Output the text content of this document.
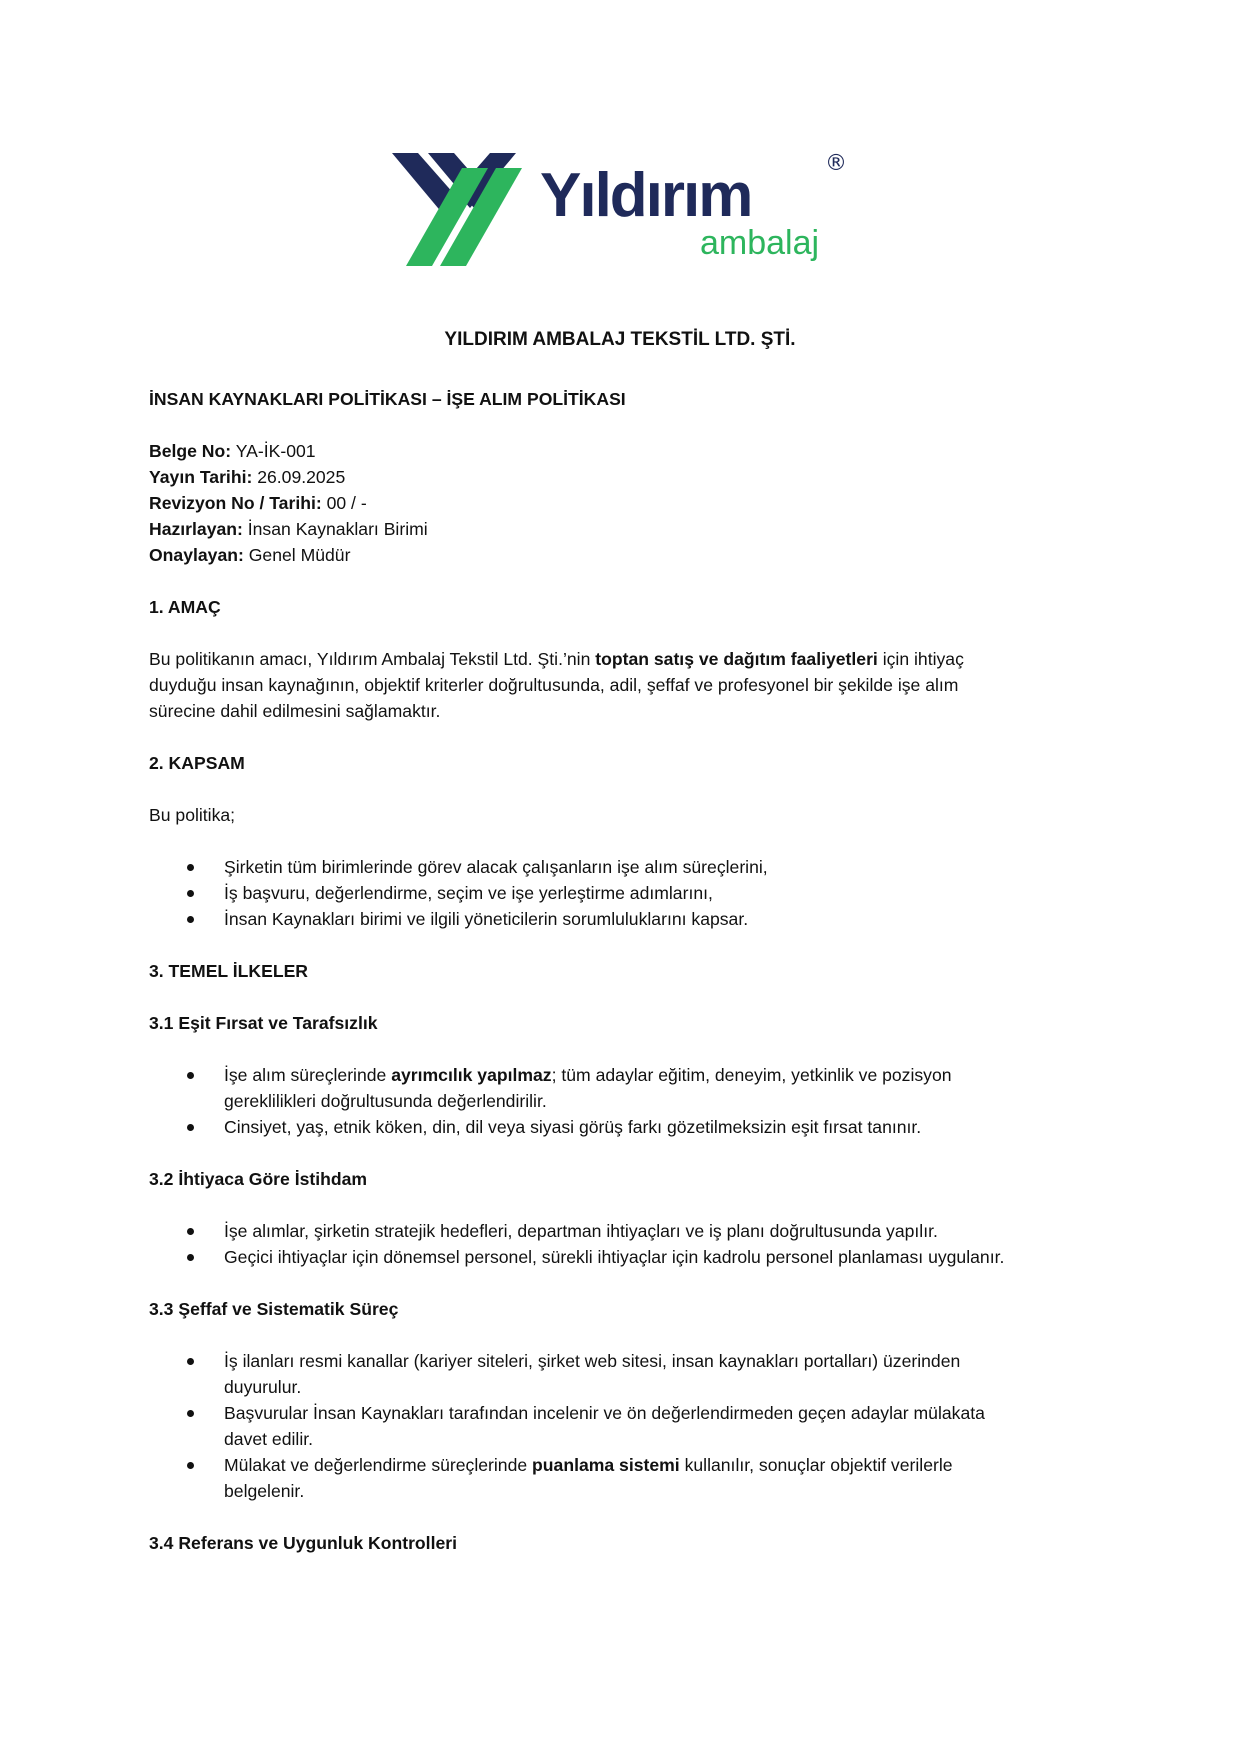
Yıldırım
ambalaj
®
YILDIRIM AMBALAJ TEKSTİL LTD. ŞTİ.

İNSAN KAYNAKLARI POLİTİKASI – İŞE ALIM POLİTİKASI

Belge No: YA-İK-001

Yayın Tarihi: 26.09.2025

Revizyon No / Tarihi: 00 / -

Hazırlayan: İnsan Kaynakları Birimi

Onaylayan: Genel Müdür

1. AMAÇ

Bu politikanın amacı, Yıldırım Ambalaj Tekstil Ltd. Şti.’nin toptan satış ve dağıtım faaliyetleri için ihtiyaç

duyduğu insan kaynağının, objektif kriterler doğrultusunda, adil, şeffaf ve profesyonel bir şekilde işe alım

sürecine dahil edilmesini sağlamaktır.

2. KAPSAM

Bu politika;

Şirketin tüm birimlerinde görev alacak çalışanların işe alım süreçlerini,
İş başvuru, değerlendirme, seçim ve işe yerleştirme adımlarını,
İnsan Kaynakları birimi ve ilgili yöneticilerin sorumluluklarını kapsar.

3. TEMEL İLKELER

3.1 Eşit Fırsat ve Tarafsızlık

İşe alım süreçlerinde ayrımcılık yapılmaz; tüm adaylar eğitim, deneyim, yetkinlik ve pozisyon
gereklilikleri doğrultusunda değerlendirilir.
Cinsiyet, yaş, etnik köken, din, dil veya siyasi görüş farkı gözetilmeksizin eşit fırsat tanınır.

3.2 İhtiyaca Göre İstihdam

İşe alımlar, şirketin stratejik hedefleri, departman ihtiyaçları ve iş planı doğrultusunda yapılır.
Geçici ihtiyaçlar için dönemsel personel, sürekli ihtiyaçlar için kadrolu personel planlaması uygulanır.

3.3 Şeffaf ve Sistematik Süreç

İş ilanları resmi kanallar (kariyer siteleri, şirket web sitesi, insan kaynakları portalları) üzerinden
duyurulur.
Başvurular İnsan Kaynakları tarafından incelenir ve ön değerlendirmeden geçen adaylar mülakata
davet edilir.
Mülakat ve değerlendirme süreçlerinde puanlama sistemi kullanılır, sonuçlar objektif verilerle
belgelenir.

3.4 Referans ve Uygunluk Kontrolleri
